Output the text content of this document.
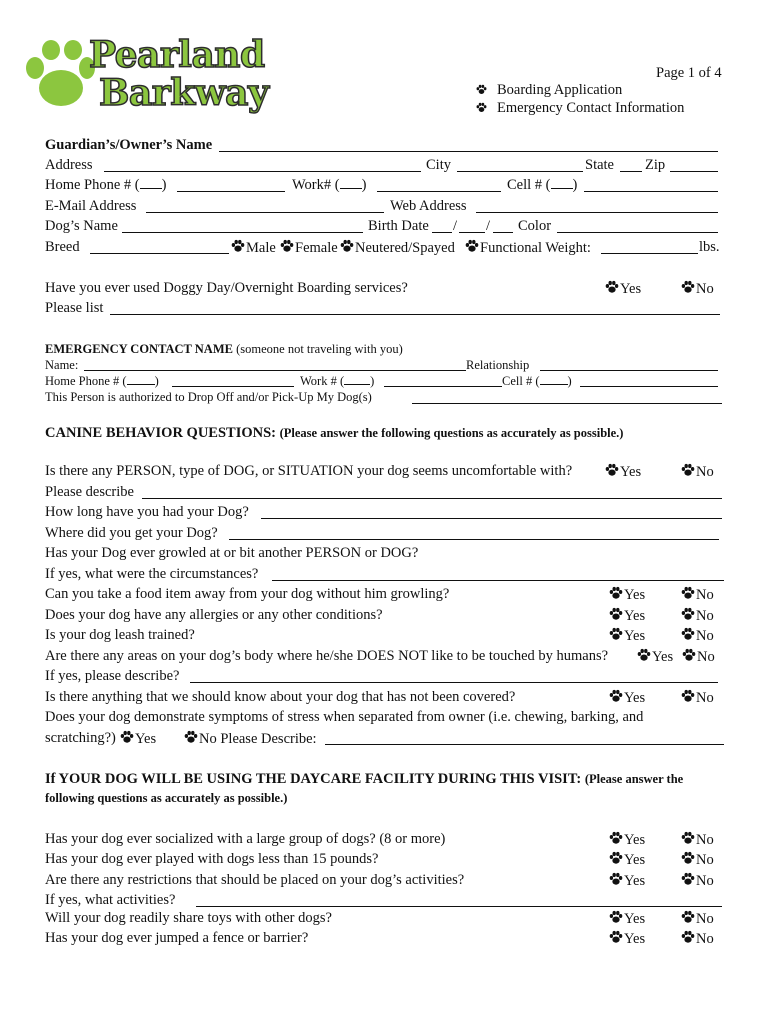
Pearland
Barkway	Page 1 of 4
Boarding Application
Emergency Contact Information
Guardian’s/Owner’s Name
Address	City	State Zip
Home Phone # ( )	Work# ( )	Cell # ( )
E-Mail Address	Web Address
Dog’s Name	Birth Date / / Color
Breed	Male	Female	Neutered/Spayed	Functional Weight:	lbs.
Have you ever used Doggy Day/Overnight Boarding services?	Yes	No
Please list
EMERGENCY CONTACT NAME (someone not traveling with you)
Name:	Relationship
Home Phone # ( )	Work # ( )	Cell # ( )
This Person is authorized to Drop Off and/or Pick-Up My Dog(s)
CANINE BEHAVIOR QUESTIONS: (Please answer the following questions as accurately as possible.)
Is there any PERSON, type of DOG, or SITUATION your dog seems uncomfortable with?	Yes	No
Please describe
How long have you had your Dog?
Where did you get your Dog?
Has your Dog ever growled at or bit another PERSON or DOG?
If yes, what were the circumstances?
Can you take a food item away from your dog without him growling?	Yes	No
Does your dog have any allergies or any other conditions?	Yes	No
Is your dog leash trained?	Yes	No
Are there any areas on your dog’s body where he/she DOES NOT like to be touched by humans?	Yes	No
If yes, please describe?
Is there anything that we should know about your dog that has not been covered?	Yes	No
Does your dog demonstrate symptoms of stress when separated from owner (i.e. chewing, barking, and
scratching?)	Yes	No Please Describe:
If YOUR DOG WILL BE USING THE DAYCARE FACILITY DURING THIS VISIT: (Please answer the
following questions as accurately as possible.)
Has your dog ever socialized with a large group of dogs? (8 or more)	Yes	No
Has your dog ever played with dogs less than 15 pounds?	Yes	No
Are there any restrictions that should be placed on your dog’s activities?	Yes	No
If yes, what activities?
Will your dog readily share toys with other dogs?	Yes	No
Has your dog ever jumped a fence or barrier?	Yes	No
